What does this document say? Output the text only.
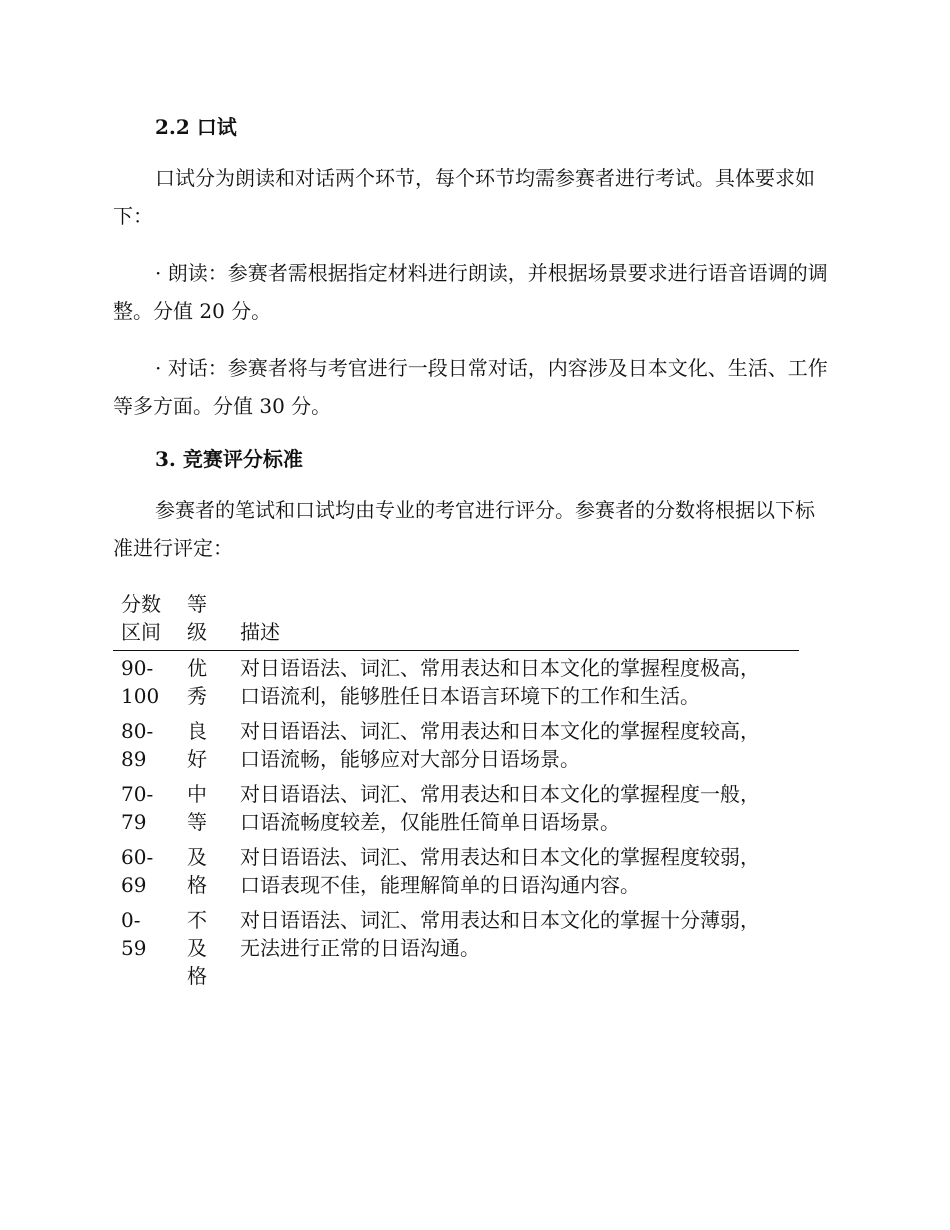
2.2 口试

口试分为朗读和对话两个环节，每个环节均需参赛者进行考试。具体要求如下：

· 朗读：参赛者需根据指定材料进行朗读，并根据场景要求进行语音语调的调整。分值 20 分。

· 对话：参赛者将与考官进行一段日常对话，内容涉及日本文化、生活、工作等多方面。分值 30 分。

3. 竞赛评分标准

参赛者的笔试和口试均由专业的考官进行评分。参赛者的分数将根据以下标准进行评定：

分数区间	等级	描述
90-100	优秀	对日语语法、词汇、常用表达和日本文化的掌握程度极高，口语流利，能够胜任日本语言环境下的工作和生活。
80-89	良好	对日语语法、词汇、常用表达和日本文化的掌握程度较高，口语流畅，能够应对大部分日语场景。
70-79	中等	对日语语法、词汇、常用表达和日本文化的掌握程度一般，口语流畅度较差，仅能胜任简单日语场景。
60-69	及格	对日语语法、词汇、常用表达和日本文化的掌握程度较弱，口语表现不佳，能理解简单的日语沟通内容。
0-59	不及格	对日语语法、词汇、常用表达和日本文化的掌握十分薄弱，无法进行正常的日语沟通。
